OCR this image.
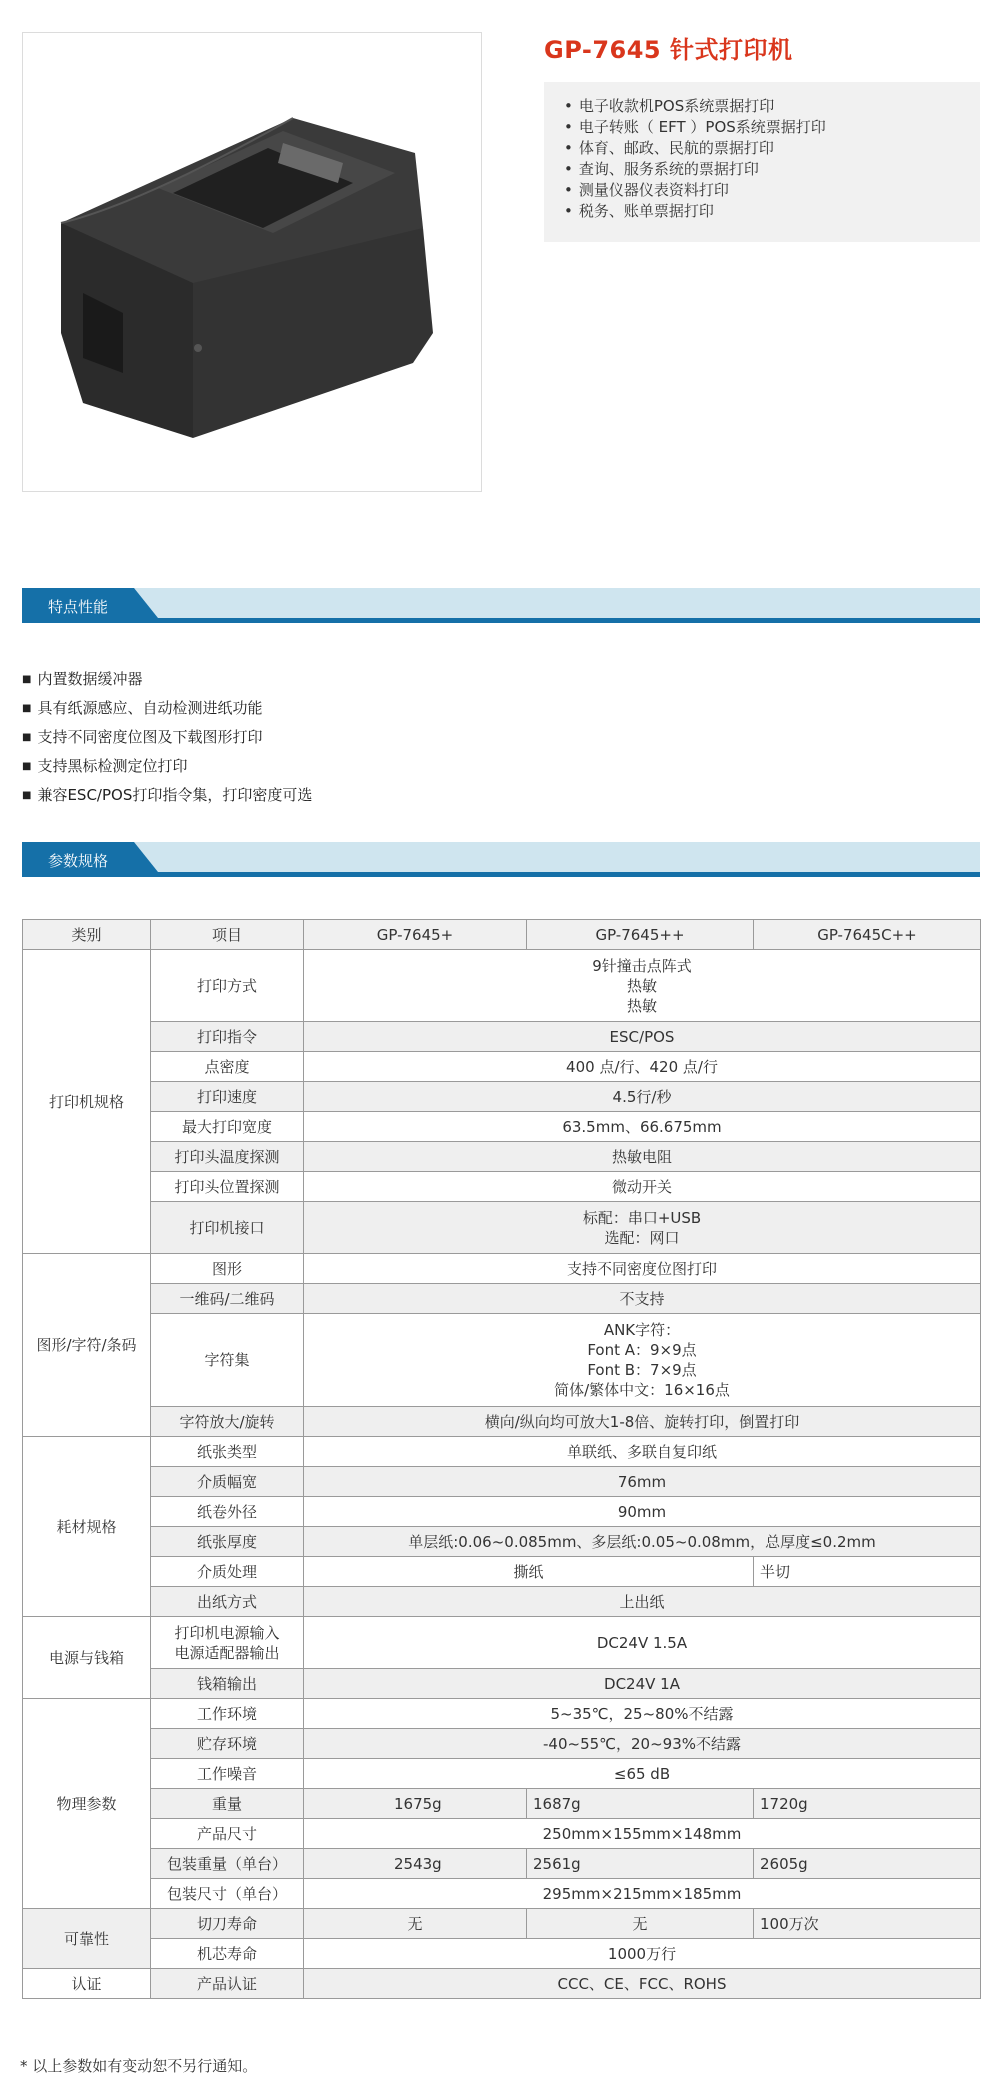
GP-7645 针式打印机
• 电子收款机POS系统票据打印
• 电子转账（ EFT ）POS系统票据打印
• 体育、邮政、民航的票据打印
• 查询、服务系统的票据打印
• 测量仪器仪表资料打印
• 税务、账单票据打印
特点性能
■ 内置数据缓冲器
■ 具有纸源感应、自动检测进纸功能
■ 支持不同密度位图及下载图形打印
■ 支持黑标检测定位打印
■ 兼容ESC/POS打印指令集，打印密度可选
参数规格
类别	项目	GP-7645+	GP-7645++	GP-7645C++
打印机规格	打印方式	9针撞击点阵式
热敏
热敏		

	打印指令	ESC/POS		
	点密度	400 点/行、420 点/行		
	打印速度	4.5行/秒		
	最大打印宽度	63.5mm、66.675mm		
	打印头温度探测	热敏电阻		
	打印头位置探测	微动开关		
	打印机接口	标配：串口+USB
选配：网口		

图形/字符/条码	图形	支持不同密度位图打印		
	一维码/二维码	不支持		
	字符集	ANK字符：
Font A：9×9点
Font B：7×9点
简体/繁体中文：16×16点		

	字符放大/旋转	横向/纵向均可放大1-8倍、旋转打印，倒置打印		
耗材规格	纸张类型	单联纸、多联自复印纸		
	介质幅宽	76mm		
	纸卷外径	90mm		
	纸张厚度	单层纸:0.06~0.085mm、多层纸:0.05~0.08mm，总厚度≤0.2mm		
	介质处理	撕纸		半切
	出纸方式	上出纸		
电源与钱箱	打印机电源输入
电源适配器输出	DC24V 1.5A		
	钱箱输出	DC24V 1A		
物理参数	工作环境	5~35℃，25~80%不结露		
	贮存环境	-40~55℃，20~93%不结露		
	工作噪音	≤65 dB		
	重量	1675g	1687g	1720g
	产品尺寸	250mm×155mm×148mm		
	包装重量（单台）	2543g	2561g	2605g
	包装尺寸（单台）	295mm×215mm×185mm		
可靠性	切刀寿命	无	无	100万次
	机芯寿命	1000万行		
认证	产品认证	CCC、CE、FCC、ROHS		
* 以上参数如有变动恕不另行通知。
